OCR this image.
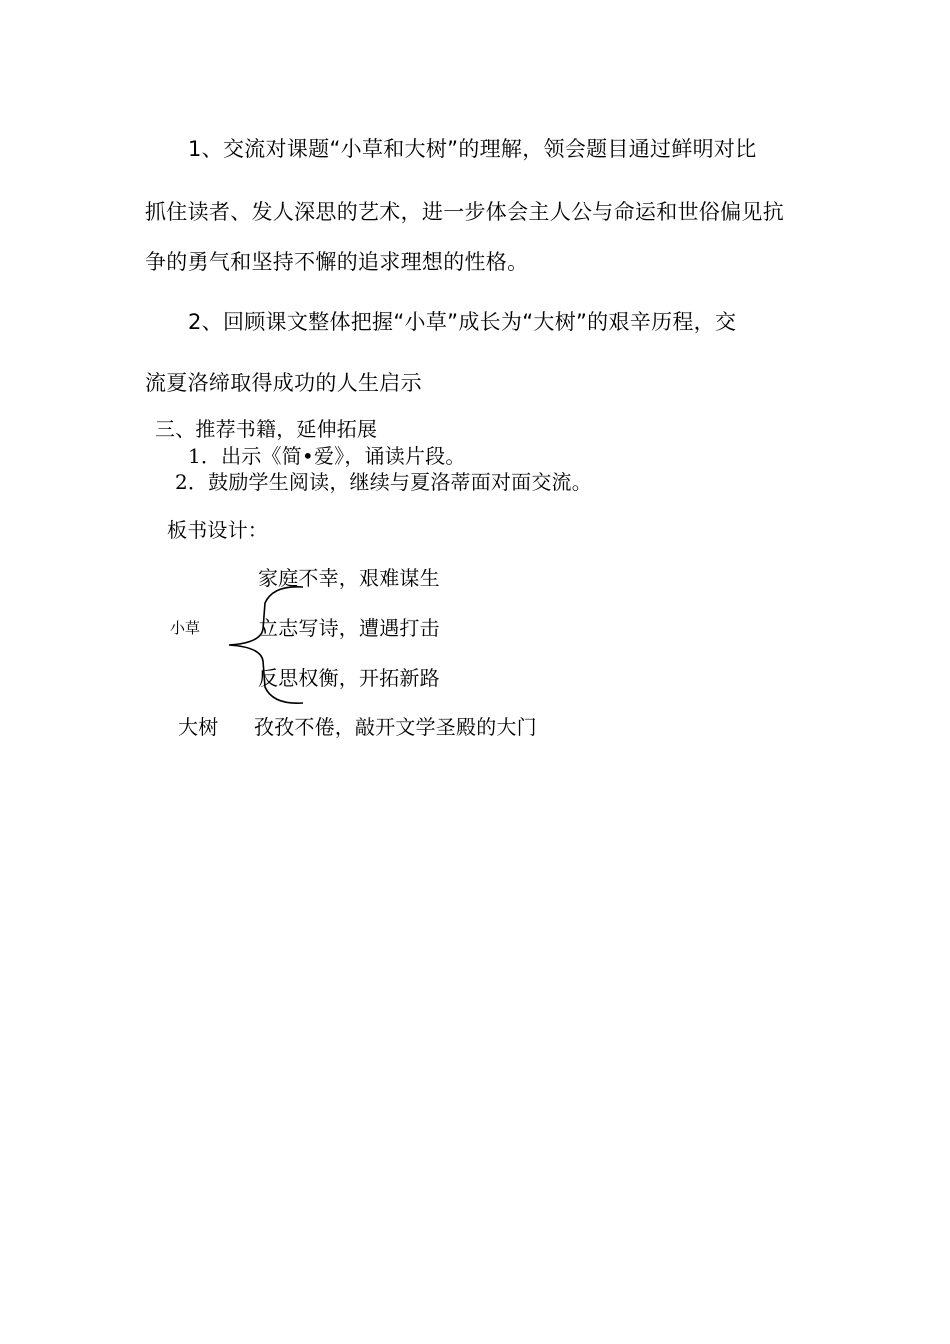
1、交流对课题“小草和大树”的理解，领会题目通过鲜明对比
抓住读者、发人深思的艺术，进一步体会主人公与命运和世俗偏见抗
争的勇气和坚持不懈的追求理想的性格。
2、回顾课文整体把握“小草”成长为“大树”的艰辛历程，交
流夏洛缔取得成功的人生启示
三、推荐书籍，延伸拓展
1．出示《简•爱》，诵读片段。
2．鼓励学生阅读，继续与夏洛蒂面对面交流。
板书设计：
小草
家庭不幸，艰难谋生
立志写诗，遭遇打击
反思权衡，开拓新路
大树 孜孜不倦，敲开文学圣殿的大门
